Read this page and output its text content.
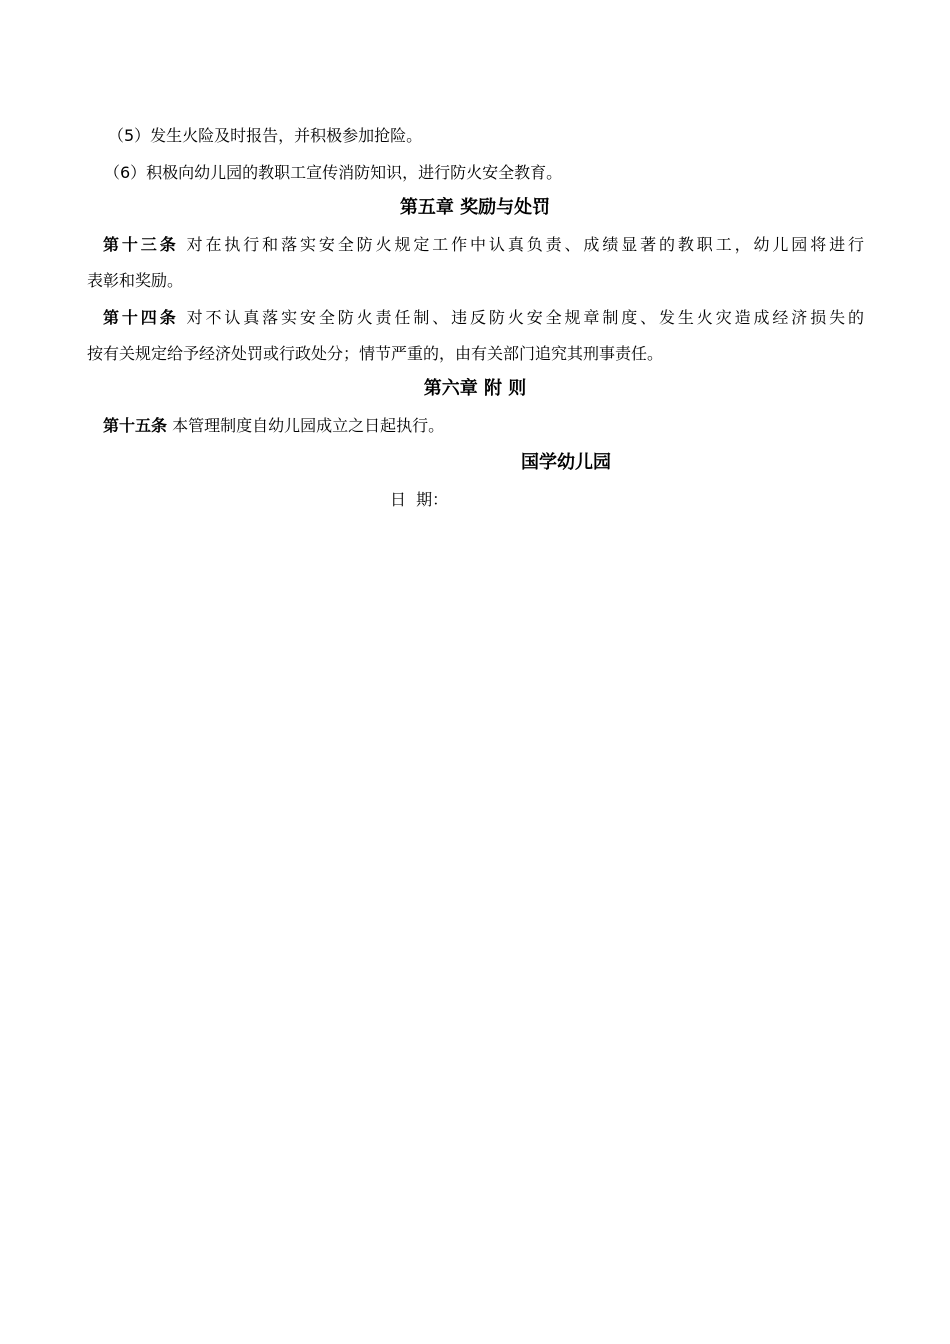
（5）发生火险及时报告，并积极参加抢险。
（6）积极向幼儿园的教职工宣传消防知识，进行防火安全教育。
第五章 奖励与处罚
第十三条 对在执行和落实安全防火规定工作中认真负责、成绩显著的教职工，幼儿园将进行
表彰和奖励。
第十四条 对不认真落实安全防火责任制、违反防火安全规章制度、发生火灾造成经济损失的
按有关规定给予经济处罚或行政处分；情节严重的，由有关部门追究其刑事责任。
第六章 附 则
第十五条 本管理制度自幼儿园成立之日起执行。
国学幼儿园
日  期：
